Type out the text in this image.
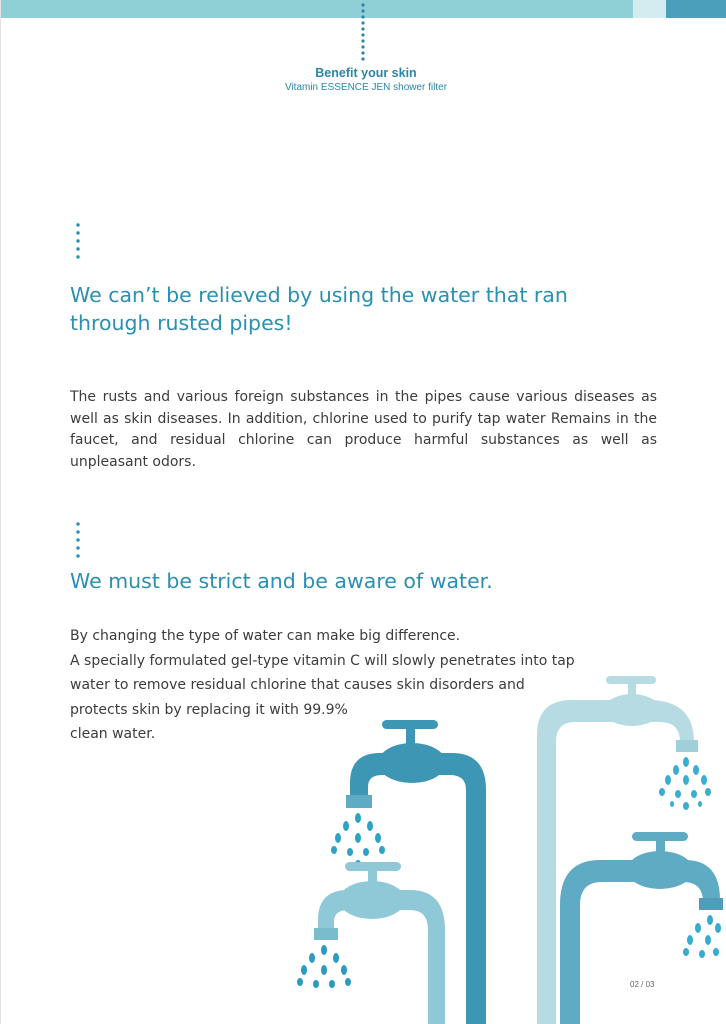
Benefit your skin
Vitamin ESSENCE JEN shower filter
We can’t be relieved by using the water that ran
through rusted pipes!

The rusts and various foreign substances in the pipes cause various diseases as well as skin diseases. In addition, chlorine used to purify tap water Remains in the faucet, and residual chlorine can produce harmful substances as well as unpleasant odors.

We must be strict and be aware of water.
By changing the type of water can make big difference.
A specially formulated gel-type vitamin C will slowly penetrates into tap
water to remove residual chlorine that causes skin disorders and
protects skin by replacing it with 99.9%
clean water.
02 / 03
